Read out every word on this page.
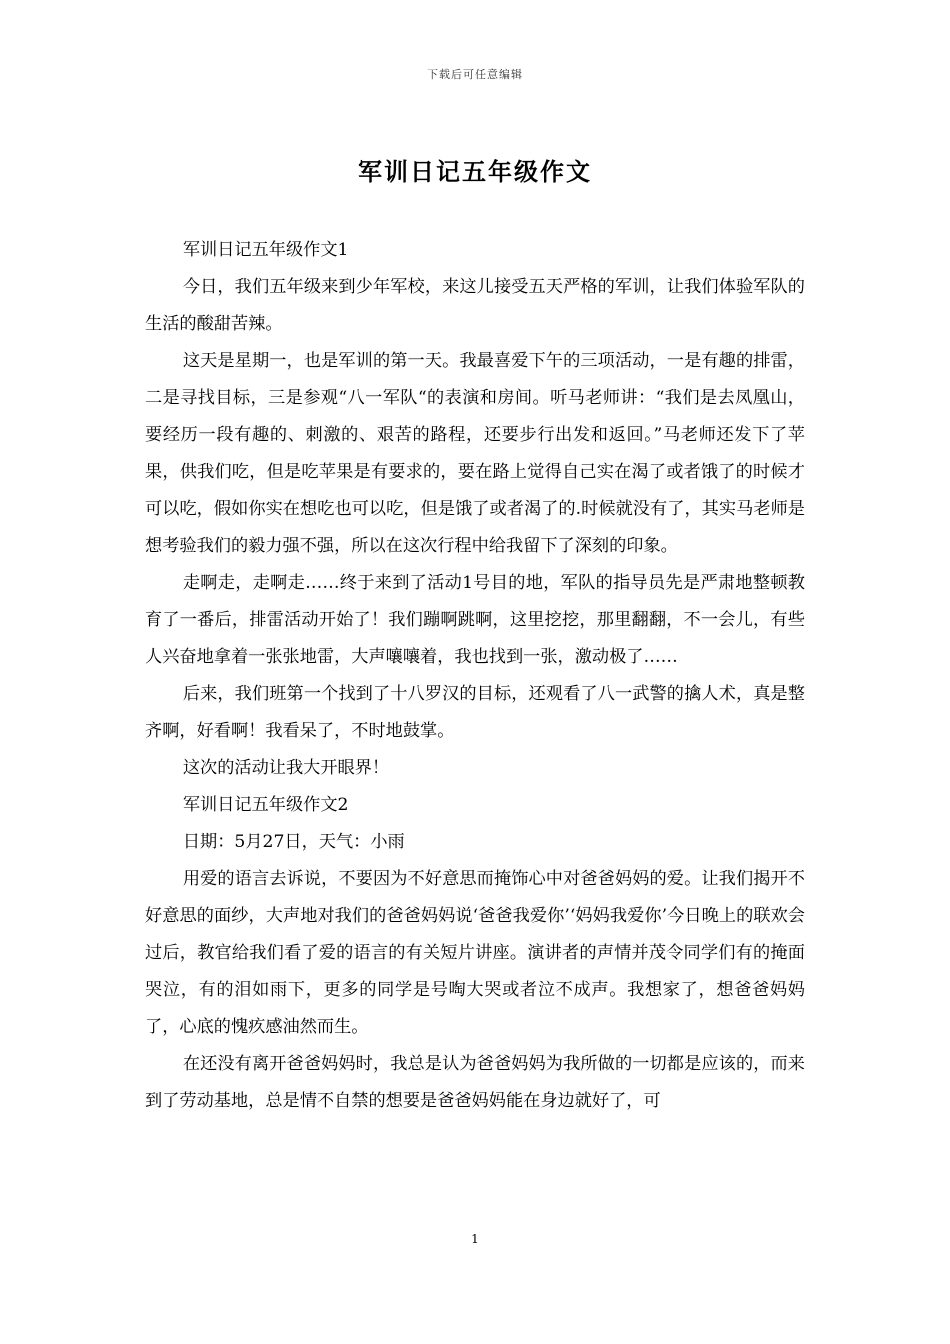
下载后可任意编辑
军训日记五年级作文

军训日记五年级作文1

今日，我们五年级来到少年军校，来这儿接受五天严格的军训，让我们体验军队的生活的酸甜苦辣。

这天是星期一，也是军训的第一天。我最喜爱下午的三项活动，一是有趣的排雷，二是寻找目标，三是参观“八一军队“的表演和房间。听马老师讲：“我们是去凤凰山，要经历一段有趣的、刺激的、艰苦的路程，还要步行出发和返回。”马老师还发下了苹果，供我们吃，但是吃苹果是有要求的，要在路上觉得自己实在渴了或者饿了的时候才可以吃，假如你实在想吃也可以吃，但是饿了或者渴了的.时候就没有了，其实马老师是想考验我们的毅力强不强，所以在这次行程中给我留下了深刻的印象。

走啊走，走啊走……终于来到了活动1号目的地，军队的指导员先是严肃地整顿教育了一番后，排雷活动开始了！我们蹦啊跳啊，这里挖挖，那里翻翻，不一会儿，有些人兴奋地拿着一张张地雷，大声嚷嚷着，我也找到一张，激动极了……

后来，我们班第一个找到了十八罗汉的目标，还观看了八一武警的擒人术，真是整齐啊，好看啊！我看呆了，不时地鼓掌。

这次的活动让我大开眼界！

军训日记五年级作文2

日期：5月27日，天气：小雨

用爱的语言去诉说，不要因为不好意思而掩饰心中对爸爸妈妈的爱。让我们揭开不好意思的面纱，大声地对我们的爸爸妈妈说‘爸爸我爱你’‘妈妈我爱你’今日晚上的联欢会过后，教官给我们看了爱的语言的有关短片讲座。演讲者的声情并茂令同学们有的掩面哭泣，有的泪如雨下，更多的同学是号啕大哭或者泣不成声。我想家了，想爸爸妈妈了，心底的愧疚感油然而生。

在还没有离开爸爸妈妈时，我总是认为爸爸妈妈为我所做的一切都是应该的，而来到了劳动基地，总是情不自禁的想要是爸爸妈妈能在身边就好了，可

1
